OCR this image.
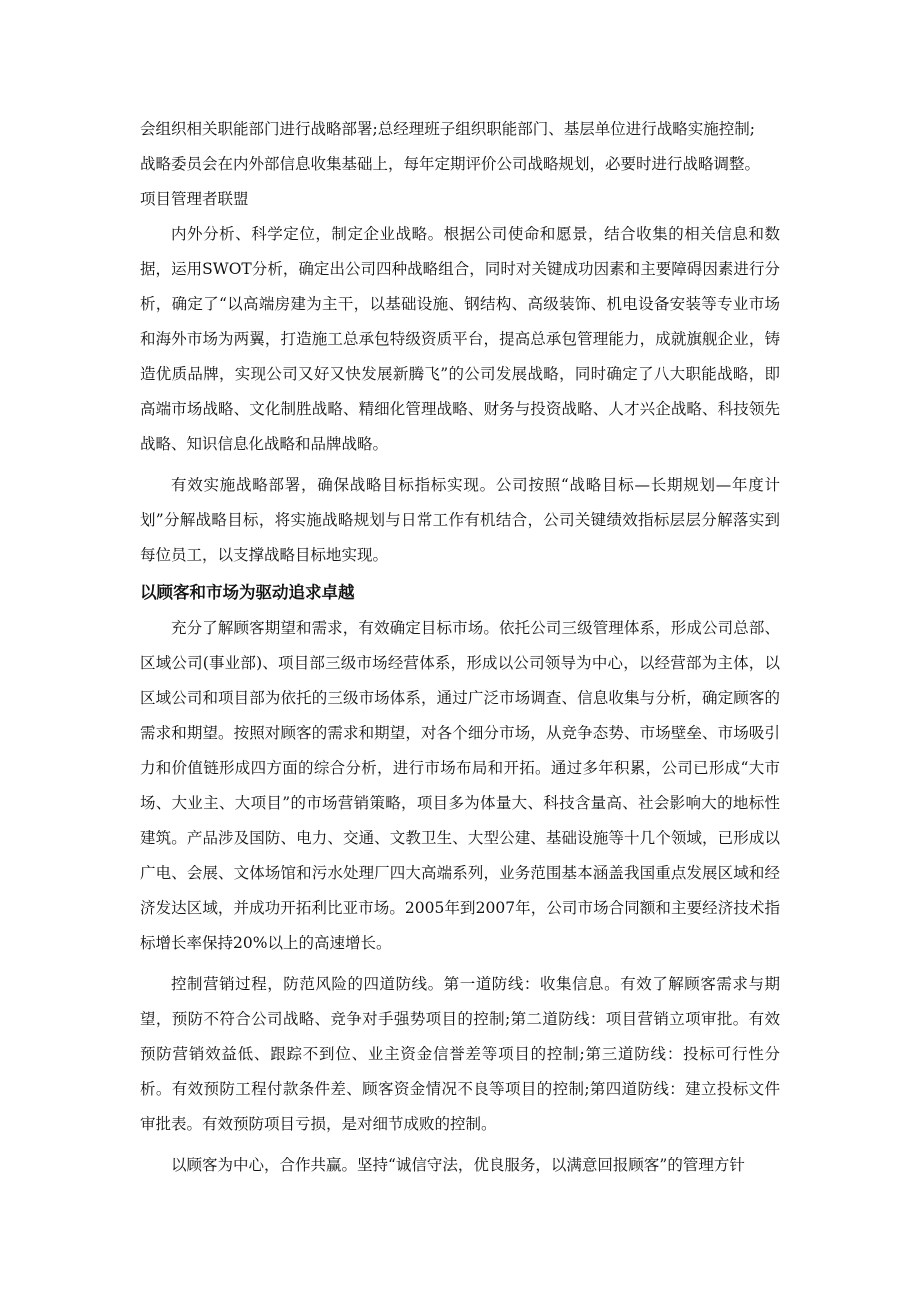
会组织相关职能部门进行战略部署;总经理班子组织职能部门、基层单位进行战略实施控制;

战略委员会在内外部信息收集基础上，每年定期评价公司战略规划，必要时进行战略调整。

项目管理者联盟

内外分析、科学定位，制定企业战略。根据公司使命和愿景，结合收集的相关信息和数据，运用SWOT分析，确定出公司四种战略组合，同时对关键成功因素和主要障碍因素进行分析，确定了“以高端房建为主干，以基础设施、钢结构、高级装饰、机电设备安装等专业市场和海外市场为两翼，打造施工总承包特级资质平台，提高总承包管理能力，成就旗舰企业，铸造优质品牌，实现公司又好又快发展新腾飞”的公司发展战略，同时确定了八大职能战略，即高端市场战略、文化制胜战略、精细化管理战略、财务与投资战略、人才兴企战略、科技领先战略、知识信息化战略和品牌战略。

有效实施战略部署，确保战略目标指标实现。公司按照“战略目标—长期规划—年度计划”分解战略目标，将实施战略规划与日常工作有机结合，公司关键绩效指标层层分解落实到每位员工，以支撑战略目标地实现。

以顾客和市场为驱动追求卓越

充分了解顾客期望和需求，有效确定目标市场。依托公司三级管理体系，形成公司总部、区域公司(事业部)、项目部三级市场经营体系，形成以公司领导为中心，以经营部为主体，以区域公司和项目部为依托的三级市场体系，通过广泛市场调查、信息收集与分析，确定顾客的需求和期望。按照对顾客的需求和期望，对各个细分市场，从竞争态势、市场壁垒、市场吸引力和价值链形成四方面的综合分析，进行市场布局和开拓。通过多年积累，公司已形成“大市场、大业主、大项目”的市场营销策略，项目多为体量大、科技含量高、社会影响大的地标性建筑。产品涉及国防、电力、交通、文教卫生、大型公建、基础设施等十几个领域，已形成以广电、会展、文体场馆和污水处理厂四大高端系列，业务范围基本涵盖我国重点发展区域和经济发达区域，并成功开拓利比亚市场。2005年到2007年，公司市场合同额和主要经济技术指标增长率保持20%以上的高速增长。

控制营销过程，防范风险的四道防线。第一道防线：收集信息。有效了解顾客需求与期望，预防不符合公司战略、竞争对手强势项目的控制;第二道防线：项目营销立项审批。有效预防营销效益低、跟踪不到位、业主资金信誉差等项目的控制;第三道防线：投标可行性分析。有效预防工程付款条件差、顾客资金情况不良等项目的控制;第四道防线：建立投标文件审批表。有效预防项目亏损，是对细节成败的控制。

以顾客为中心，合作共赢。坚持“诚信守法，优良服务，以满意回报顾客”的管理方针
